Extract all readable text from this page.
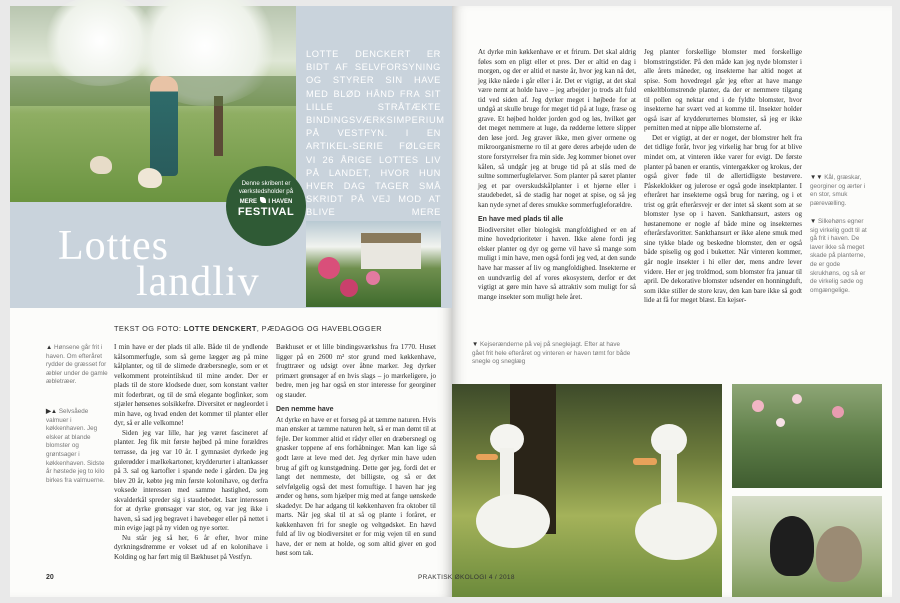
LOTTE DENCKERT ER BIDT AF SELVFORSYNING OG STYRER SIN HAVE MED BLØD HÅND FRA SIT LILLE STRÅTÆKTE BINDINGSVÆRKSIMPERIUM PÅ VESTFYN. I EN ARTIKEL-SERIE FØLGER VI 26 ÅRIGE LOTTES LIV PÅ LANDET, HVOR HUN HVER DAG TAGER SMÅ SKRIDT PÅ VEJ MOD AT BLIVE MERE
Lottes
landliv
Denne skribent er værkstedsholder på
MERE I HAVEN
FESTIVAL
TEKST OG FOTO: LOTTE DENCKERT, PÆDAGOG OG HAVEBLOGGER
▲ Hønsene går frit i haven. Om efteråret rydder de græsset for æbler under de gamle æbletræer.
▶▲ Selvsåede valmuer i køkkenhaven. Jeg elsker at blande blomster og grøntsager i køkkenhaven. Sidste år høstede jeg to kilo birkes fra valmuerne.

I min have er der plads til alle. Både til de yndlende kålsommerfugle, som så gerne lægger æg på mine kålplanter, og til de slimede dræbersnegle, som er et velkomment proteintilskud til mine ænder. Der er plads til de store klodsede duer, som konstant vælter mit foderbræt, og til de små elegante bogfinker, som stjæler hønsenes solsikkefrø. Diversitet er nøgleordet i min have, og hvad enden det kommer til planter eller dyr, så er alle velkomne!

Siden jeg var lille, har jeg været fascineret af planter. Jeg fik mit første højbed på mine forældres terrasse, da jeg var 10 år. I gymnasiet dyrkede jeg gulerødder i mælkekartoner, krydderurter i altankasser på 3. sal og kartofler i spande nede i gården. Da jeg blev 20 år, købte jeg min første kolonihave, og derfra voksede interessen med samme hastighed, som skvalderkål spreder sig i staudebedet. Især interessen for at dyrke grønsager var stor, og var jeg ikke i haven, så sad jeg begravet i havebøger eller på nettet i min evige jagt på ny viden og nye sorter.

Nu står jeg så her, 6 år efter, hvor mine dyrkningsdrømme er vokset ud af en kolonihave i Kolding og har ført mig til Bækhuset på Vestfyn.

Bækhuset er et lille bindingsværkshus fra 1770. Huset ligger på en 2600 m² stor grund med køkkenhave, frugttræer og udsigt over åbne marker. Jeg dyrker primært grønsager af en hvis slags – jo mærkeligere, jo bedre, men jeg har også en stor interesse for georginer og stauder.

Den nemme have

At dyrke en have er et forsøg på at tæmme naturen. Hvis man ønsker at tæmme naturen helt, så er man dømt til at fejle. Der kommer altid et rådyr eller en dræbersnegl og gnasker toppene af ens forhåbninger. Man kan lige så godt lære at leve med det. Jeg dyrker min have uden brug af gift og kunstgødning. Dette gør jeg, fordi det er langt det nemmeste, det billigste, og så er det selvfølgelig også det mest fornuftige. I haven har jeg ænder og høns, som hjælper mig med at fange uønskede skadedyr. De har adgang til køkkenhaven fra oktober til marts. Når jeg skal til at så og plante i foråret, er køkkenhaven fri for snegle og veltgødsket. En hævd fuld af liv og biodiversitet er for mig vejen til en sund have, der er nem at holde, og som altid giver en god høst som tak.

20

At dyrke min køkkenhave er et frirum. Det skal aldrig føles som en pligt eller et pres. Der er altid en dag i morgen, og der er altid et næste år, hvor jeg kan nå det, jeg ikke nåede i går eller i år. Det er vigtigt, at det skal være nemt at holde have – jeg arbejder jo trods alt fuld tid ved siden af. Jeg dyrker meget i højbede for at undgå at skulle bruge for meget tid på at luge, fræse og grave. Et højbed holder jorden god og løs, hvilket gør det meget nemmere at luge, da rødderne lettere slipper den løse jord. Jeg graver ikke, men giver ormene og mikroorganismerne ro til at gøre deres arbejde uden de store forstyrrelser fra min side. Jeg kommer bionet over kålen, så undgår jeg at bruge tid på at slås med de sultne sommerfuglelarver. Som planter på særet planter jeg et par overskudskålplanter i et hjørne eller i staudebedet, så de stadig har noget at spise, og så jeg kan nyde synet af deres smukke sommerfugleforældre.

En have med plads til alle

Biodiversitet eller biologisk mangfoldighed er en af mine hovedprioriteter i haven. Ikke alene fordi jeg elsker planter og dyr og gerne vil have så mange som muligt i min have, men også fordi jeg ved, at den sunde have har masser af liv og mangfoldighed. Insekterne er en uundværlig del af vores økosystem, derfor er det vigtigt at gøre min have så attraktiv som muligt for så mange insekter som muligt hele året.

Jeg planter forskellige blomster med forskellige blomstringstider. På den måde kan jeg nyde blomster i alle årets måneder, og insekterne har altid noget at spise. Som hovedregel går jeg efter at have mange enkeltblomstrende planter, da der er nemmere tilgang til pollen og nektar end i de fyldte blomster, hvor insekterne har svært ved at komme til. Insekter holder også især af krydderurternes blomster, så jeg er ikke pernitten med at nippe alle blomsterne af.

Det er vigtigt, at der er noget, der blomstrer helt fra det tidlige forår, hvor jeg virkelig har brug for at blive mindet om, at vinteren ikke varer for evigt. De første planter på banen er erantis, vintergækker og krokus, der også giver føde til de allertidligste bestøvere. Påskeklokker og julerose er også gode insektplanter. I efteråret har insekterne også brug for næring, og i et trist og gråt efterårsvejr er der intet så skønt som at se blomster lyse op i haven. Sankthansurt, asters og høstanemone er nogle af både mine og insekternes efterårsfavoritter. Sankthansurt er ikke alene smuk med sine tykke blade og beskedne blomster, den er også både spiselig og god i buketter. Når vinteren kommer, går nogle insekter i hi eller dør, mens andre lever videre. Her er jeg troldmod, som blomster fra januar til april. De dekorative blomster udsender en honningduft, som ikke stiller de store krav, den kan bare ikke så godt lide at få for meget blæst. En kejser-

▼▼ Kål, græskar, georginer og ærter i en stor, smuk pærevælling.
▼ Silkehøns egner sig virkelig godt til at gå frit i haven. De laver ikke så meget skade på planterne, de er gode skrukhøns, og så er de virkelig søde og omgængelige.
▼ Kejserænderne på vej på sneglejagt. Efter at have gået frit hele efteråret og vinteren er haven tømt for både snegle og sneglæg
PRAKTISK ØKOLOGI 4 / 2018
